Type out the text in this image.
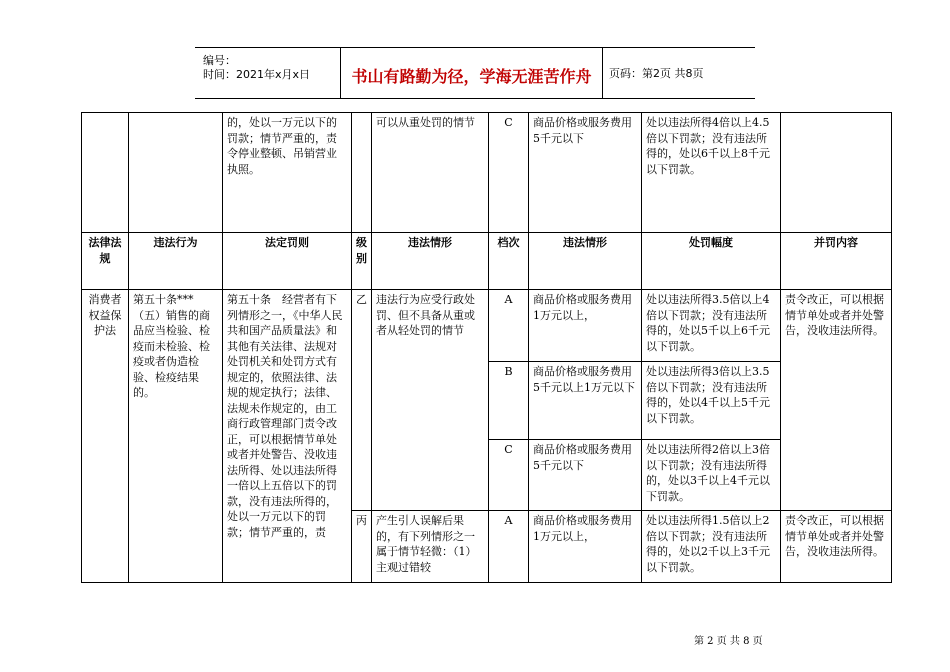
编号：
时间：2021年x月x日	书山有路勤为径，学海无涯苦作舟	页码：第2页 共8页
		的，处以一万元以下的罚款；情节严重的，责令停业整顿、吊销营业执照。		可以从重处罚的情节	C	商品价格或服务费用5千元以下	处以违法所得4倍以上4.5倍以下罚款；没有违法所得的，处以6千以上8千元以下罚款。	
法律法规	违法行为	法定罚则	级别	违法情形	档次	违法情形	处罚幅度	并罚内容
消费者权益保护法	第五十条***（五）销售的商品应当检验、检疫而未检验、检疫或者伪造检验、检疫结果的。	第五十条　经营者有下列情形之一，《中华人民共和国产品质量法》和其他有关法律、法规对处罚机关和处罚方式有规定的，依照法律、法规的规定执行；法律、法规未作规定的，由工商行政管理部门责令改正，可以根据情节单处或者并处警告、没收违法所得、处以违法所得一倍以上五倍以下的罚款，没有违法所得的，处以一万元以下的罚款；情节严重的，责	乙	违法行为应受行政处罚、但不具备从重或者从轻处罚的情节	A	商品价格或服务费用1万元以上，	处以违法所得3.5倍以上4倍以下罚款；没有违法所得的，处以5千以上6千元以下罚款。	责令改正，可以根据情节单处或者并处警告，没收违法所得。
					B	商品价格或服务费用5千元以上1万元以下	处以违法所得3倍以上3.5倍以下罚款；没有违法所得的，处以4千以上5千元以下罚款。	
					C	商品价格或服务费用5千元以下	处以违法所得2倍以上3倍以下罚款；没有违法所得的，处以3千以上4千元以下罚款。	
			丙	产生引人误解后果的，有下列情形之一属于情节轻微：（1）主观过错较	A	商品价格或服务费用1万元以上，	处以违法所得1.5倍以上2倍以下罚款；没有违法所得的，处以2千以上3千元以下罚款。	责令改正，可以根据情节单处或者并处警告，没收违法所得。
第 2 页 共 8 页
